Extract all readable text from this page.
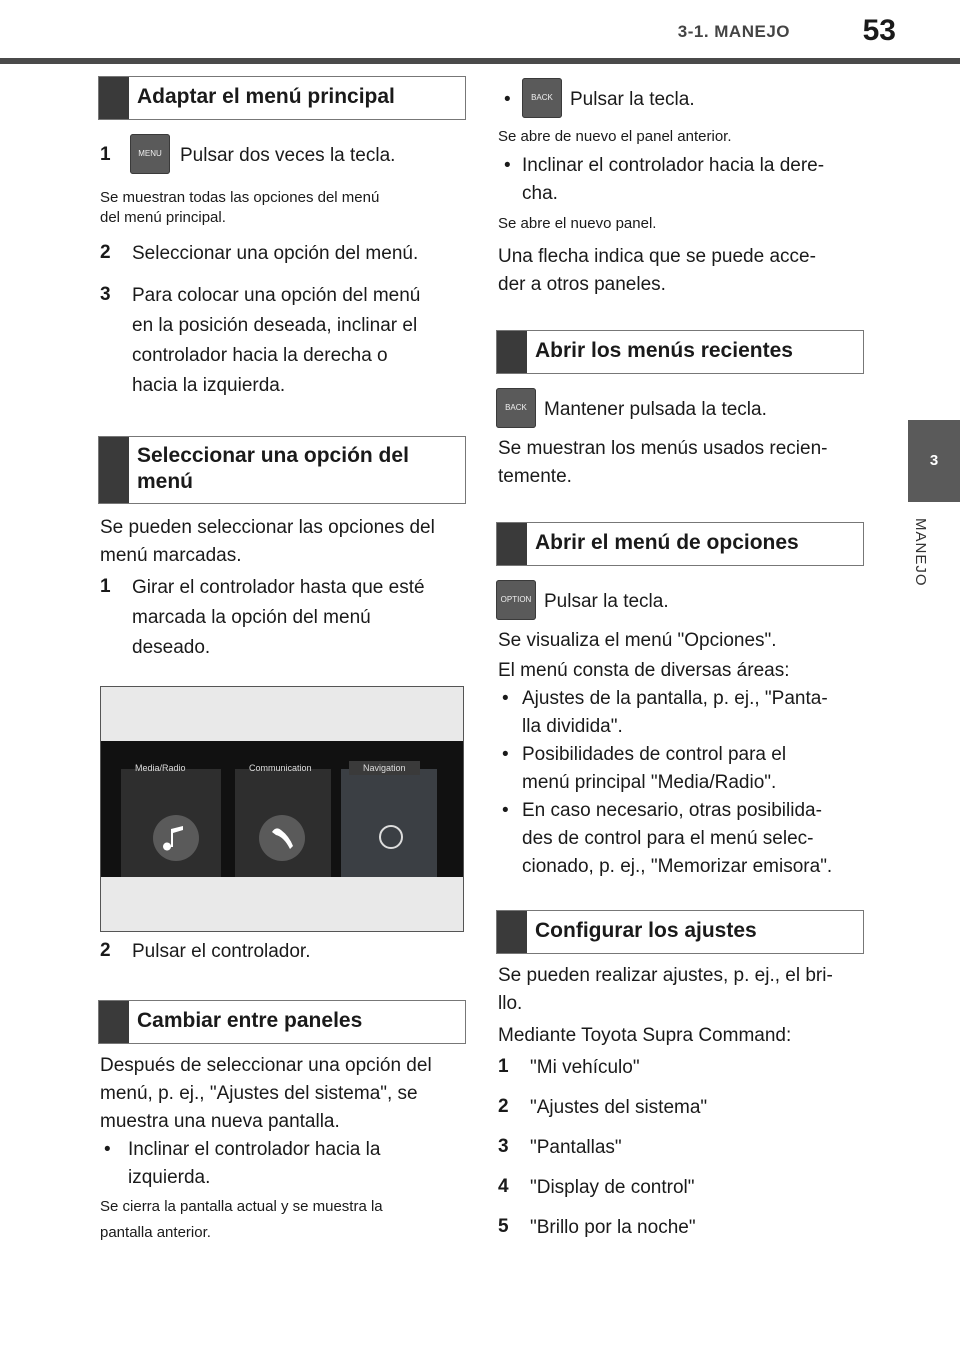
3-1. MANEJO 53
3
MANEJO
Adaptar el menú principal
1	MENU Pulsar dos veces la tecla.
Se muestran todas las opciones del menú
del menú principal.
2 Seleccionar una opción del menú.
3 Para colocar una opción del menú
en la posición deseada, inclinar el
controlador hacia la derecha o
hacia la izquierda.
Seleccionar una opción del
menú
Se pueden seleccionar las opciones del
menú marcadas.
1 Girar el controlador hasta que esté
marcada la opción del menú
deseado.
Media/Radio	Communication	Navigation
2 Pulsar el controlador.
Cambiar entre paneles
Después de seleccionar una opción del
menú, p. ej., "Ajustes del sistema", se
muestra una nueva pantalla.
• Inclinar el controlador hacia la
izquierda.
Se cierra la pantalla actual y se muestra la
pantalla anterior.
•	BACK Pulsar la tecla.
Se abre de nuevo el panel anterior.
• Inclinar el controlador hacia la dere-
cha.
Se abre el nuevo panel.
Una flecha indica que se puede acce-
der a otros paneles.
Abrir los menús recientes
BACK Mantener pulsada la tecla.
Se muestran los menús usados recien-
temente.
Abrir el menú de opciones
OPTION Pulsar la tecla.
Se visualiza el menú "Opciones".
El menú consta de diversas áreas:
• Ajustes de la pantalla, p. ej., "Panta-
lla dividida".
• Posibilidades de control para el
menú principal "Media/Radio".
• En caso necesario, otras posibilida-
des de control para el menú selec-
cionado, p. ej., "Memorizar emisora".
Configurar los ajustes
Se pueden realizar ajustes, p. ej., el bri-
llo.
Mediante Toyota Supra Command:
1 "Mi vehículo"
2 "Ajustes del sistema"
3 "Pantallas"
4 "Display de control"
5 "Brillo por la noche"
